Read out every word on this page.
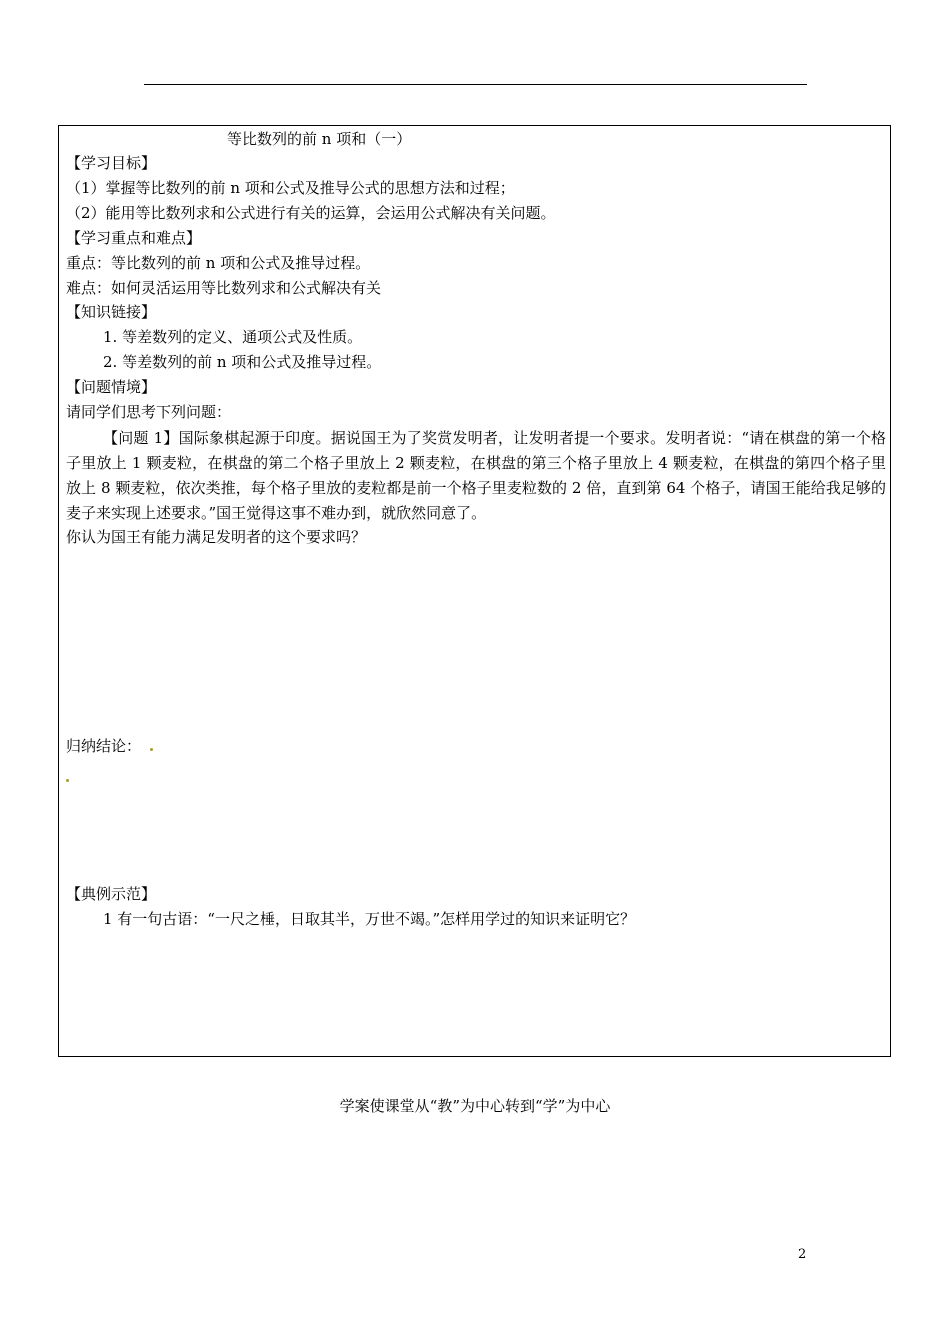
等比数列的前 n 项和（一）
【学习目标】
（1）掌握等比数列的前 n 项和公式及推导公式的思想方法和过程；
（2）能用等比数列求和公式进行有关的运算，会运用公式解决有关问题。
【学习重点和难点】
重点：等比数列的前 n 项和公式及推导过程。
难点：如何灵活运用等比数列求和公式解决有关
【知识链接】
1. 等差数列的定义、通项公式及性质。
2. 等差数列的前 n 项和公式及推导过程。
【问题情境】
请同学们思考下列问题：
【问题 1】国际象棋起源于印度。据说国王为了奖赏发明者，让发明者提一个要求。发明者说：“请在棋盘的第一个格子里放上 1 颗麦粒，在棋盘的第二个格子里放上 2 颗麦粒，在棋盘的第三个格子里放上 4 颗麦粒，在棋盘的第四个格子里放上 8 颗麦粒，依次类推，每个格子里放的麦粒都是前一个格子里麦粒数的 2 倍，直到第 64 个格子，请国王能给我足够的麦子来实现上述要求。”国王觉得这事不难办到，就欣然同意了。
你认为国王有能力满足发明者的这个要求吗？
归纳结论：
【典例示范】
1 有一句古语：“一尺之棰，日取其半，万世不竭。”怎样用学过的知识来证明它？
学案使课堂从“教”为中心转到“学”为中心
2
